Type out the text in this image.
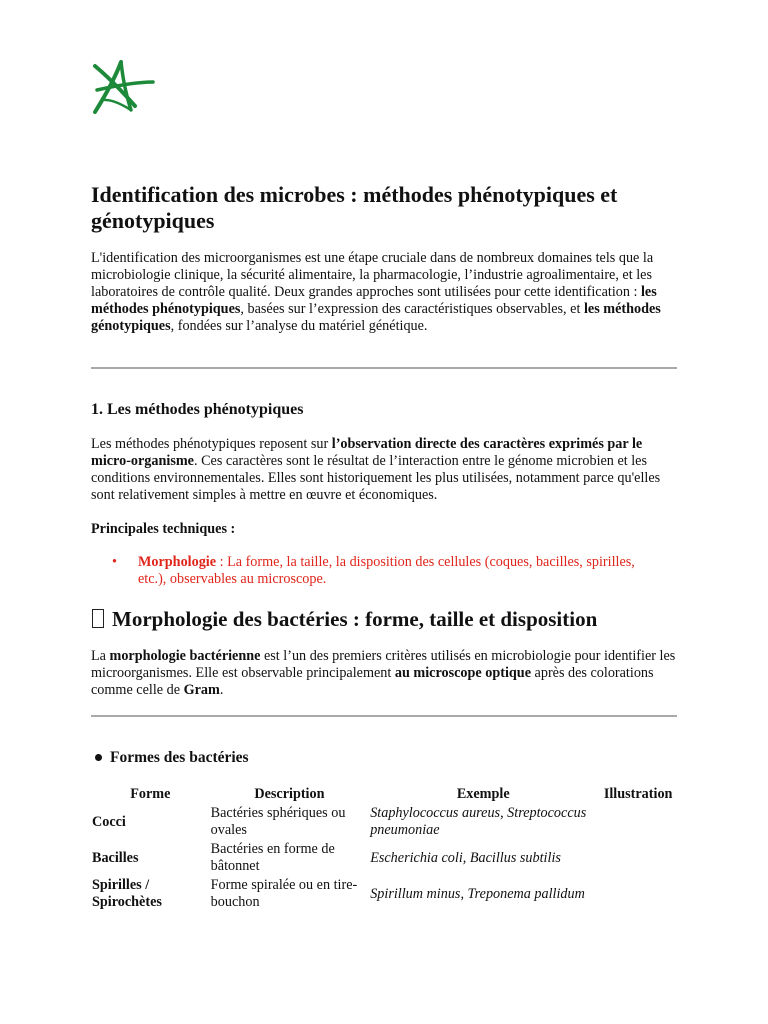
Identification des microbes : méthodes phénotypiques et génotypiques

L'identification des microorganismes est une étape cruciale dans de nombreux domaines tels que la microbiologie clinique, la sécurité alimentaire, la pharmacologie, l’industrie agroalimentaire, et les laboratoires de contrôle qualité. Deux grandes approches sont utilisées pour cette identification : les méthodes phénotypiques, basées sur l’expression des caractéristiques observables, et les méthodes génotypiques, fondées sur l’analyse du matériel génétique.

1. Les méthodes phénotypiques

Les méthodes phénotypiques reposent sur l’observation directe des caractères exprimés par le micro-organisme. Ces caractères sont le résultat de l’interaction entre le génome microbien et les conditions environnementales. Elles sont historiquement les plus utilisées, notamment parce qu'elles sont relativement simples à mettre en œuvre et économiques.

Principales techniques :

• Morphologie : La forme, la taille, la disposition des cellules (coques, bacilles, spirilles, etc.), observables au microscope.
Morphologie des bactéries : forme, taille et disposition

La morphologie bactérienne est l’un des premiers critères utilisés en microbiologie pour identifier les microorganismes. Elle est observable principalement au microscope optique après des colorations comme celle de Gram.

Formes des bactéries
Forme	Description	Exemple	Illustration
Cocci	Bactéries sphériques ou ovales	Staphylococcus aureus, Streptococcus pneumoniae	
Bacilles	Bactéries en forme de bâtonnet	Escherichia coli, Bacillus subtilis	
Spirilles / Spirochètes	Forme spiralée ou en tire-bouchon	Spirillum minus, Treponema pallidum	
